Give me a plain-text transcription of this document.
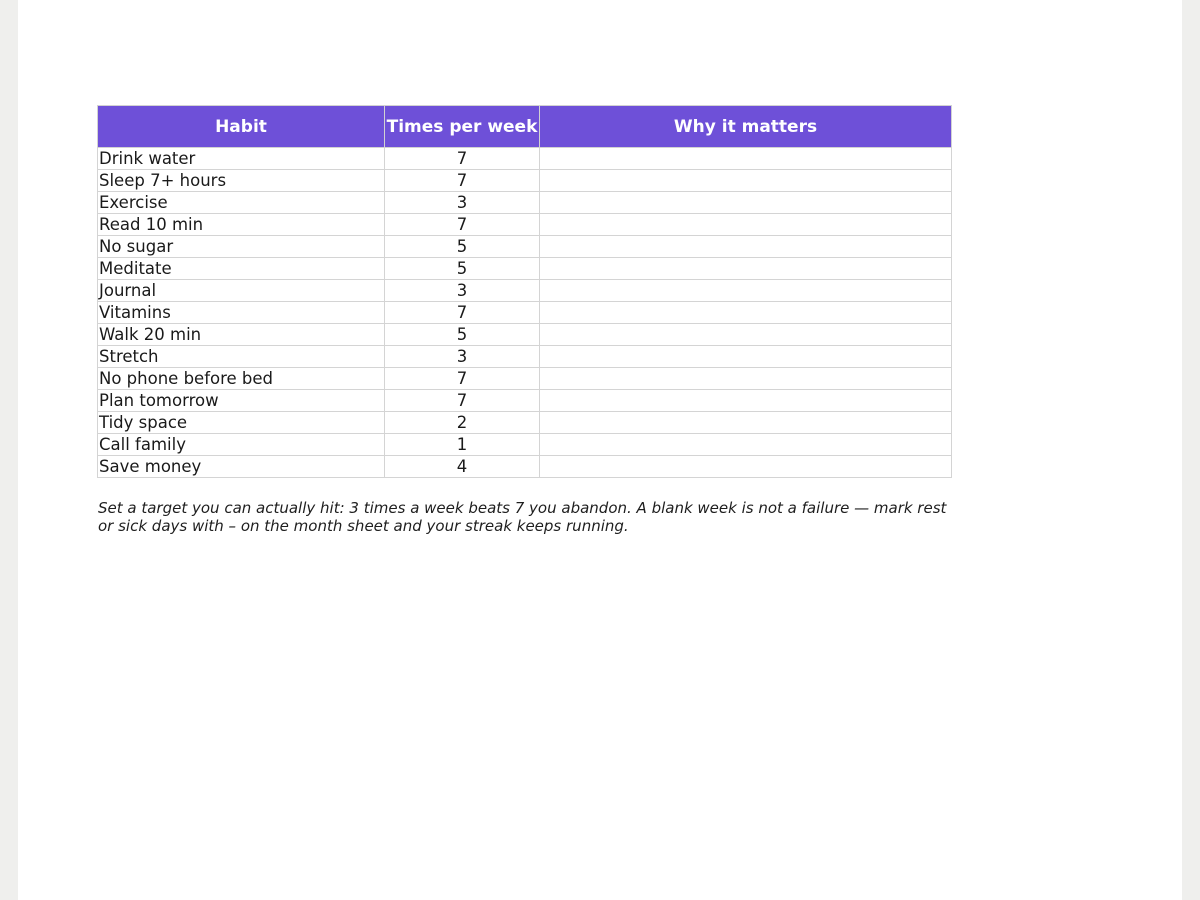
Habit	Times per week	Why it matters
Drink water	7	
Sleep 7+ hours	7	
Exercise	3	
Read 10 min	7	
No sugar	5	
Meditate	5	
Journal	3	
Vitamins	7	
Walk 20 min	5	
Stretch	3	
No phone before bed	7	
Plan tomorrow	7	
Tidy space	2	
Call family	1	
Save money	4	

Set a target you can actually hit: 3 times a week beats 7 you abandon. A blank week is not a failure — mark rest or sick days with – on the month sheet and your streak keeps running.
